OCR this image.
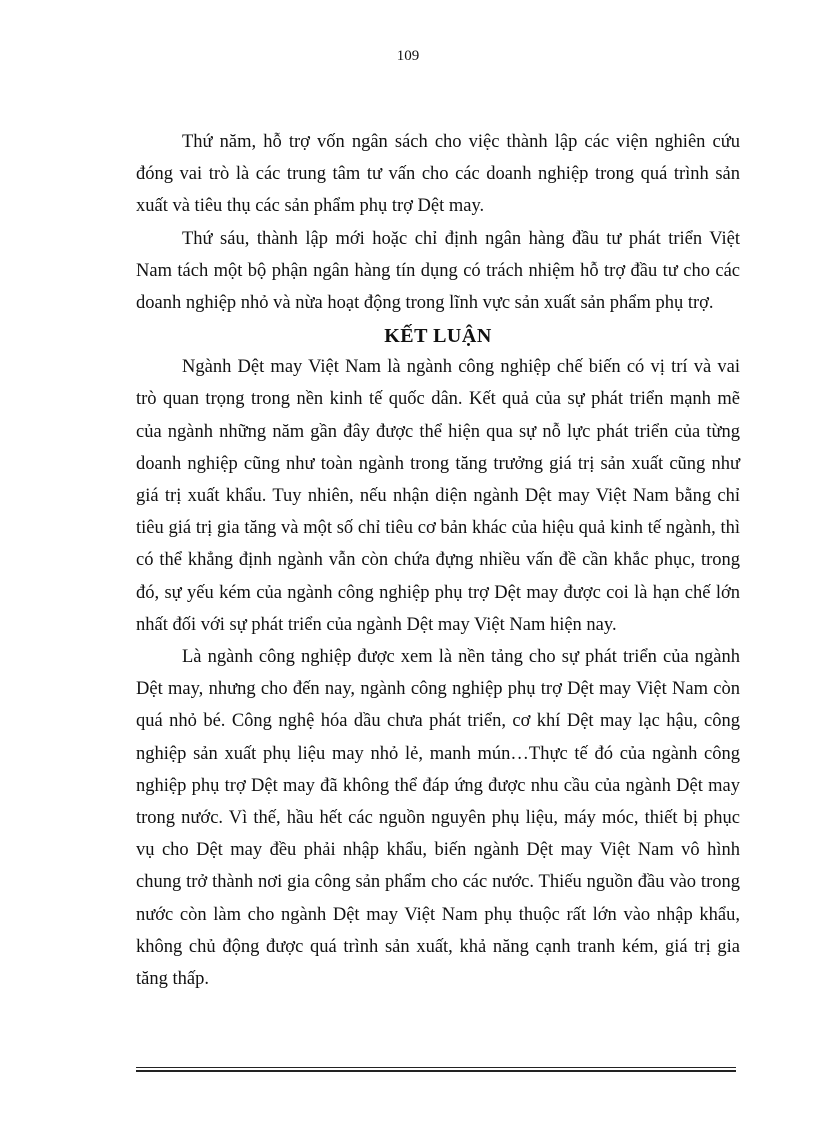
109

Thứ năm, hỗ trợ vốn ngân sách cho việc thành lập các viện nghiên cứu đóng vai trò là các trung tâm tư vấn cho các doanh nghiệp trong quá trình sản xuất và tiêu thụ các sản phẩm phụ trợ Dệt may.

Thứ sáu, thành lập mới hoặc chỉ định ngân hàng đầu tư phát triển Việt Nam tách một bộ phận ngân hàng tín dụng có trách nhiệm hỗ trợ đầu tư cho các doanh nghiệp nhỏ và nừa hoạt động trong lĩnh vực sản xuất sản phẩm phụ trợ.

KẾT LUẬN

Ngành Dệt may Việt Nam là ngành công nghiệp chế biến có vị trí và vai trò quan trọng trong nền kinh tế quốc dân. Kết quả của sự phát triển mạnh mẽ của ngành những năm gần đây được thể hiện qua sự nỗ lực phát triển của từng doanh nghiệp cũng như toàn ngành trong tăng trưởng giá trị sản xuất cũng như giá trị xuất khẩu. Tuy nhiên, nếu nhận diện ngành Dệt may Việt Nam bằng chỉ tiêu giá trị gia tăng và một số chỉ tiêu cơ bản khác của hiệu quả kinh tế ngành, thì có thể khẳng định ngành vẫn còn chứa đựng nhiều vấn đề cần khắc phục, trong đó, sự yếu kém của ngành công nghiệp phụ trợ Dệt may được coi là hạn chế lớn nhất đối với sự phát triển của ngành Dệt may Việt Nam hiện nay.

Là ngành công nghiệp được xem là nền tảng cho sự phát triển của ngành Dệt may, nhưng cho đến nay, ngành công nghiệp phụ trợ Dệt may Việt Nam còn quá nhỏ bé. Công nghệ hóa dầu chưa phát triển, cơ khí Dệt may lạc hậu, công nghiệp sản xuất phụ liệu may nhỏ lẻ, manh mún…Thực tế đó của ngành công nghiệp phụ trợ Dệt may đã không thể đáp ứng được nhu cầu của ngành Dệt may trong nước. Vì thế, hầu hết các nguồn nguyên phụ liệu, máy móc, thiết bị phục vụ cho Dệt may đều phải nhập khẩu, biến ngành Dệt may Việt Nam vô hình chung trở thành nơi gia công sản phẩm cho các nước. Thiếu nguồn đầu vào trong nước còn làm cho ngành Dệt may Việt Nam phụ thuộc rất lớn vào nhập khẩu, không chủ động được quá trình sản xuất, khả năng cạnh tranh kém, giá trị gia tăng thấp.
